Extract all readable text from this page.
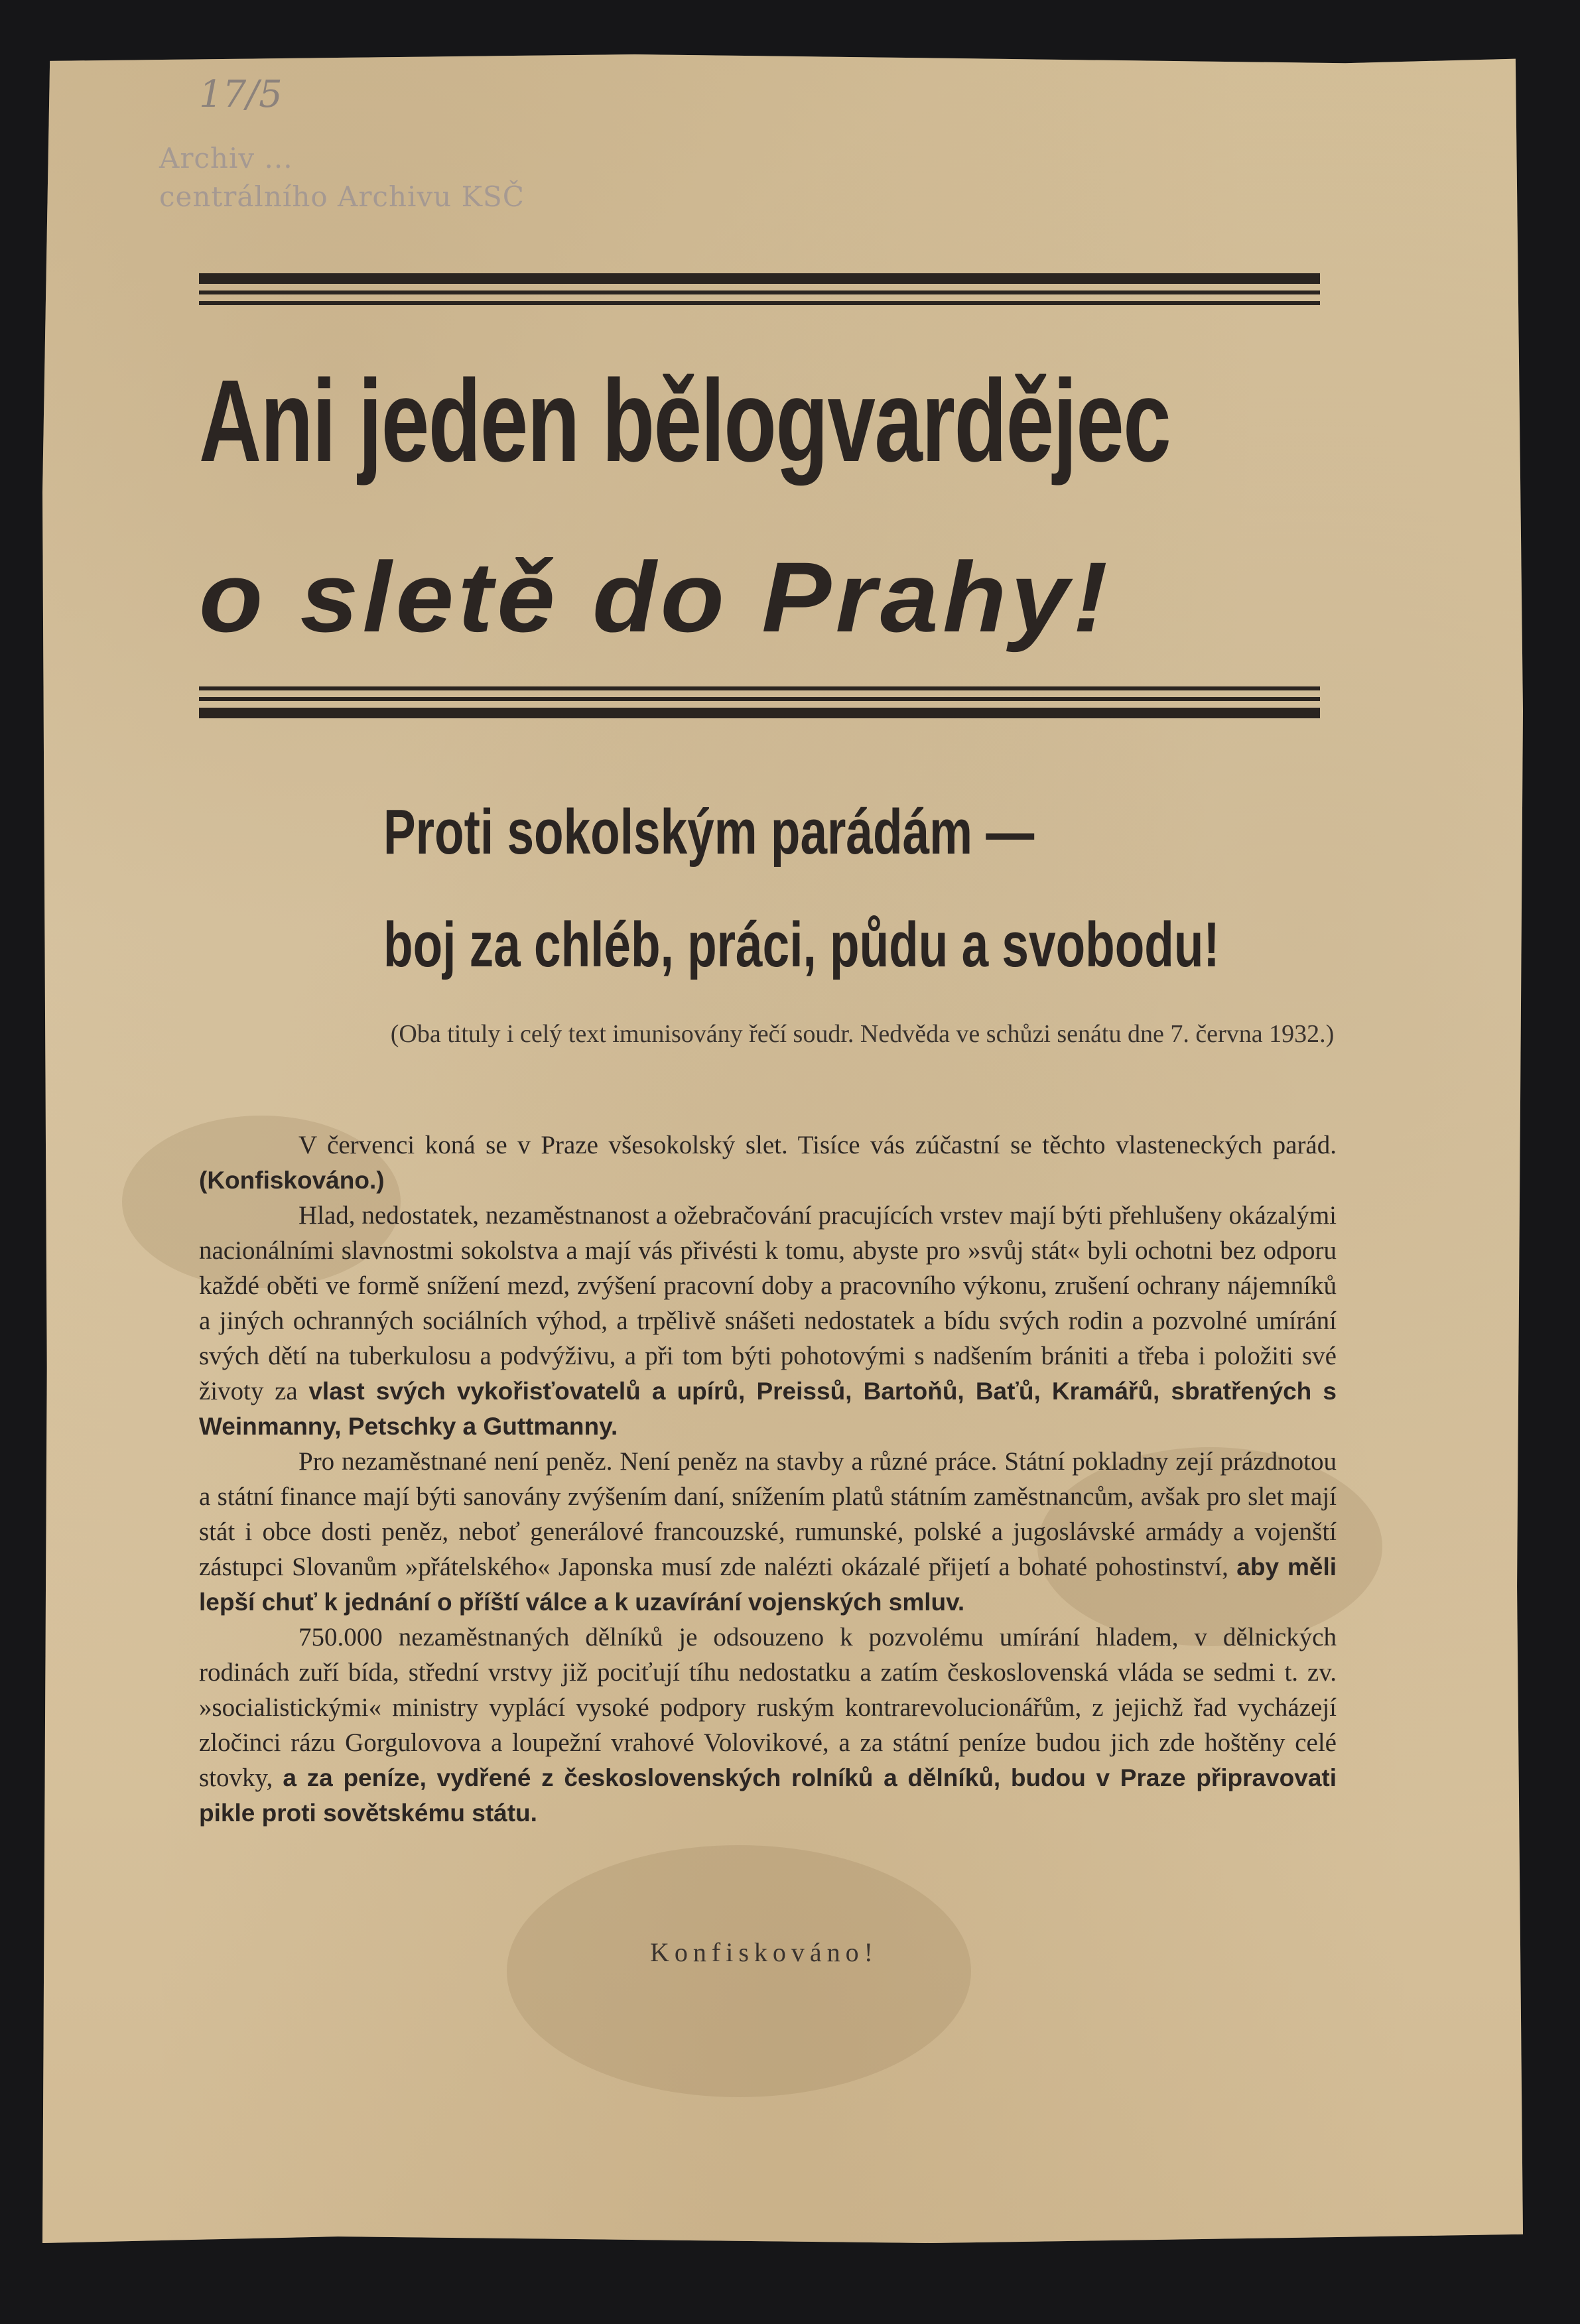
17/5
Archiv ...
centrálního Archivu KSČ
Ani jeden bělogvardějec
o sletě do Prahy!
Proti sokolským parádám —
boj za chléb, práci, půdu a svobodu!
(Oba tituly i celý text imunisovány řečí soudr. Nedvěda ve schůzi senátu dne 7. června 1932.)

V červenci koná se v Praze všesokolský slet. Tisíce vás zúčastní se těchto vlasteneckých parád. (Konfiskováno.)

Hlad, nedostatek, nezaměstnanost a ožebračování pracujících vrstev mají býti přehlušeny okázalými nacionálními slavnostmi sokolstva a mají vás přivésti k tomu, abyste pro »svůj stát« byli ochotni bez odporu každé oběti ve formě snížení mezd, zvýšení pracovní doby a pracovního výkonu, zrušení ochrany nájemníků a jiných ochranných sociálních výhod, a trpělivě snášeti nedostatek a bídu svých rodin a pozvolné umírání svých dětí na tuberkulosu a podvýživu, a při tom býti pohotovými s nadšením brániti a třeba i položiti své životy za vlast svých vykořisťovatelů a upírů, Preissů, Bartoňů, Baťů, Kramářů, sbratřených s Weinmanny, Petschky a Guttmanny.

Pro nezaměstnané není peněz. Není peněz na stavby a různé práce. Státní pokladny zejí prázdnotou a státní finance mají býti sanovány zvýšením daní, snížením platů státním zaměstnancům, avšak pro slet mají stát i obce dosti peněz, neboť generálové francouzské, rumunské, polské a jugoslávské armády a vojenští zástupci Slovanům »přátelského« Japonska musí zde nalézti okázalé přijetí a bohaté pohostinství, aby měli lepší chuť k jednání o příští válce a k uzavírání vojenských smluv.

750.000 nezaměstnaných dělníků je odsouzeno k pozvolému umírání hladem, v dělnických rodinách zuří bída, střední vrstvy již pociťují tíhu nedostatku a zatím československá vláda se sedmi t. zv. »socialistickými« ministry vyplácí vysoké podpory ruským kontrarevolucionářům, z jejichž řad vycházejí zločinci rázu Gorgulovova a loupežní vrahové Volovikové, a za státní peníze budou jich zde hoštěny celé stovky, a za peníze, vydřené z československých rolníků a dělníků, budou v Praze připravovati pikle proti sovětskému státu.

Konfiskováno!
